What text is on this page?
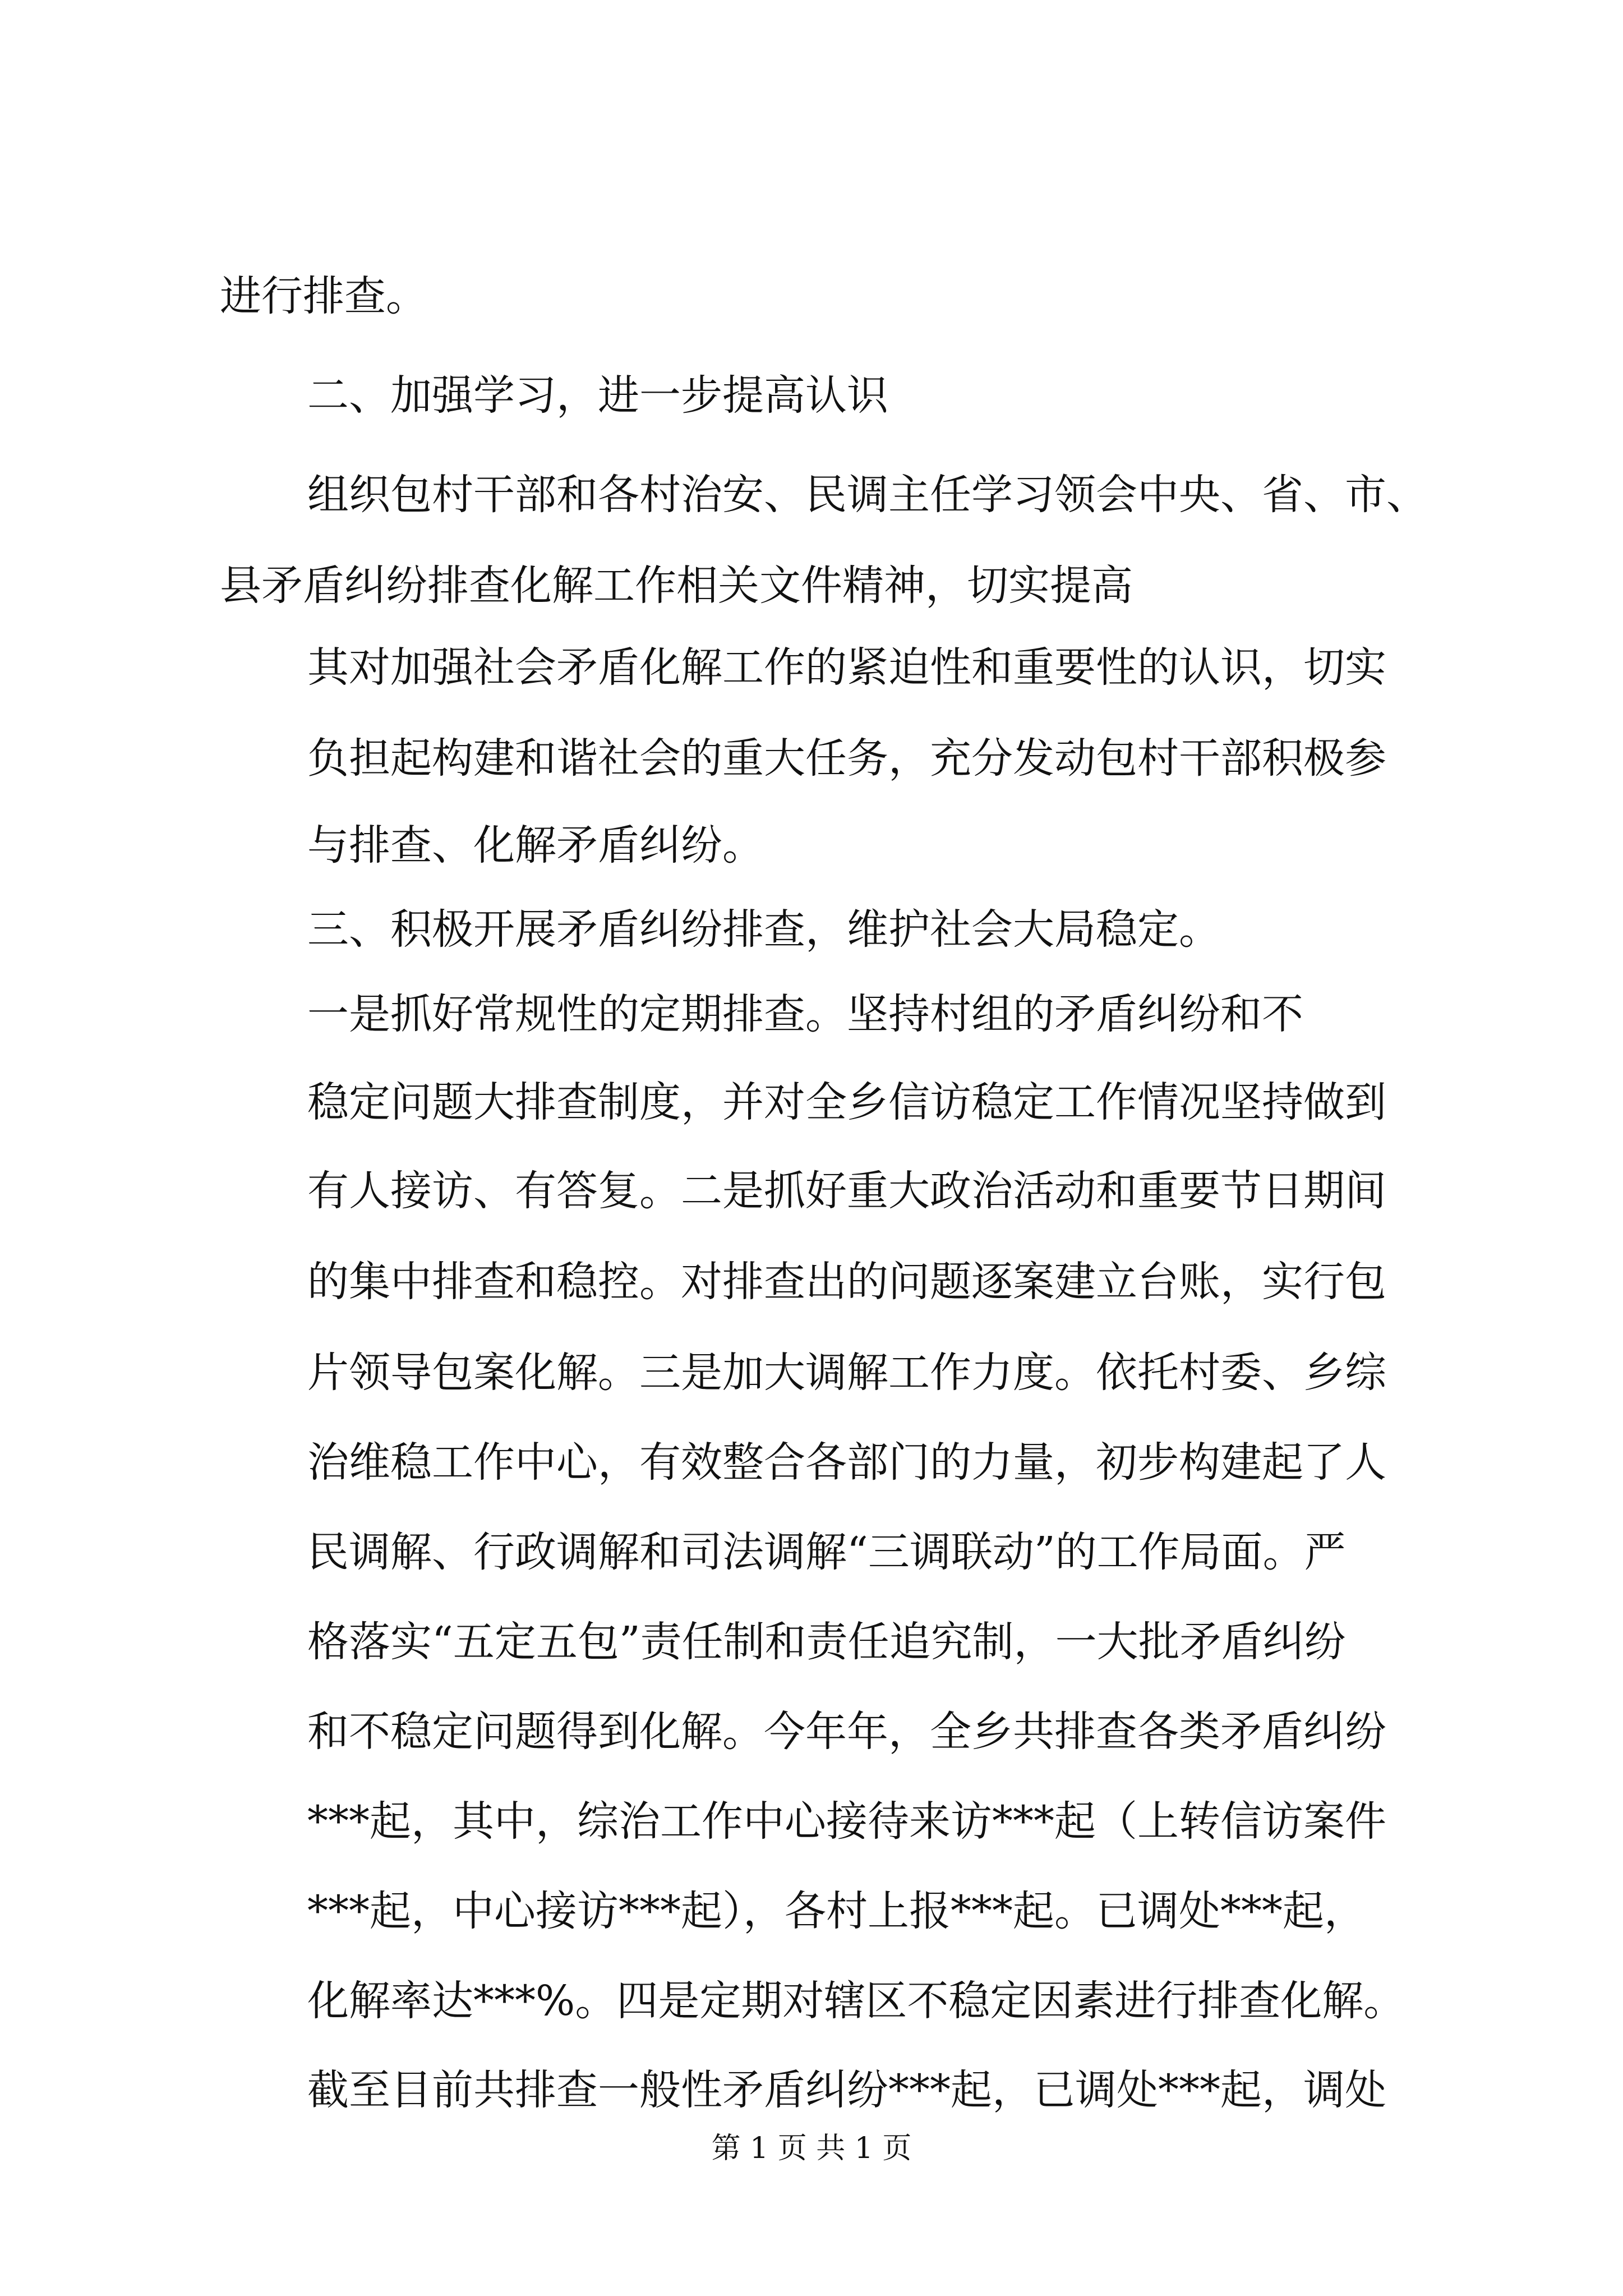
进行排查。
二、加强学习，进一步提高认识
组织包村干部和各村治安、民调主任学习领会中央、省、市、
县矛盾纠纷排查化解工作相关文件精神，切实提高
其对加强社会矛盾化解工作的紧迫性和重要性的认识，切实
负担起构建和谐社会的重大任务，充分发动包村干部积极参
与排查、化解矛盾纠纷。
三、积极开展矛盾纠纷排查，维护社会大局稳定。
一是抓好常规性的定期排查。坚持村组的矛盾纠纷和不
稳定问题大排查制度，并对全乡信访稳定工作情况坚持做到
有人接访、有答复。二是抓好重大政治活动和重要节日期间
的集中排查和稳控。对排查出的问题逐案建立台账，实行包
片领导包案化解。三是加大调解工作力度。依托村委、乡综
治维稳工作中心，有效整合各部门的力量，初步构建起了人
民调解、行政调解和司法调解“三调联动”的工作局面。严
格落实“五定五包”责任制和责任追究制，一大批矛盾纠纷
和不稳定问题得到化解。今年年，全乡共排查各类矛盾纠纷
***起，其中，综治工作中心接待来访***起（上转信访案件
***起，中心接访***起），各村上报***起。已调处***起，
化解率达***%。四是定期对辖区不稳定因素进行排查化解。
截至目前共排查一般性矛盾纠纷***起，已调处***起，调处
第 1 页 共 1 页
